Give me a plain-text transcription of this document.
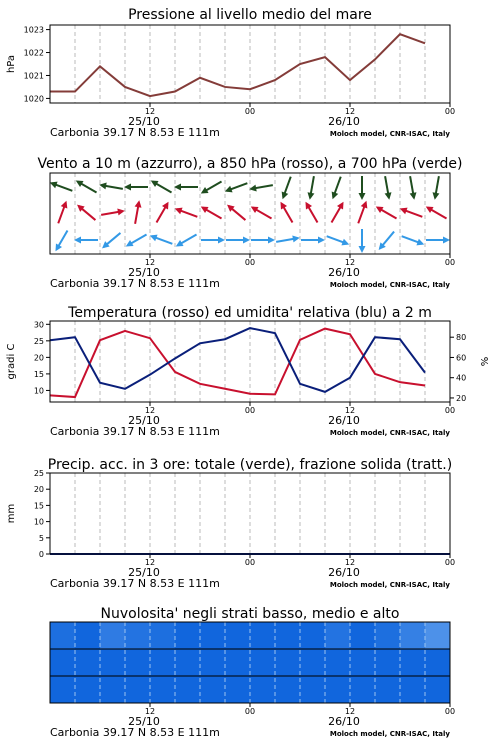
Pressione al livello medio del mare
1020
1021
1022
1023
hPa
12	00	12	00
25/10	26/10
Carbonia 39.17 N 8.53 E 111m	Moloch model, CNR-ISAC, Italy
Vento a 10 m (azzurro), a 850 hPa (rosso), a 700 hPa (verde)
12	00	12	00
25/10	26/10
Carbonia 39.17 N 8.53 E 111m	Moloch model, CNR-ISAC, Italy
Temperatura (rosso) ed umidita' relativa (blu) a 2 m
10
15
20
25
30
20
40
60
80
gradi C	%
12	00	12	00
25/10	26/10
Carbonia 39.17 N 8.53 E 111m	Moloch model, CNR-ISAC, Italy
Precip. acc. in 3 ore: totale (verde), frazione solida (tratt.)
0
5
10
15
20
25
mm
12	00	12	00
25/10	26/10
Carbonia 39.17 N 8.53 E 111m	Moloch model, CNR-ISAC, Italy
Nuvolosita' negli strati basso, medio e alto
12	00	12	00
25/10	26/10
Carbonia 39.17 N 8.53 E 111m	Moloch model, CNR-ISAC, Italy
